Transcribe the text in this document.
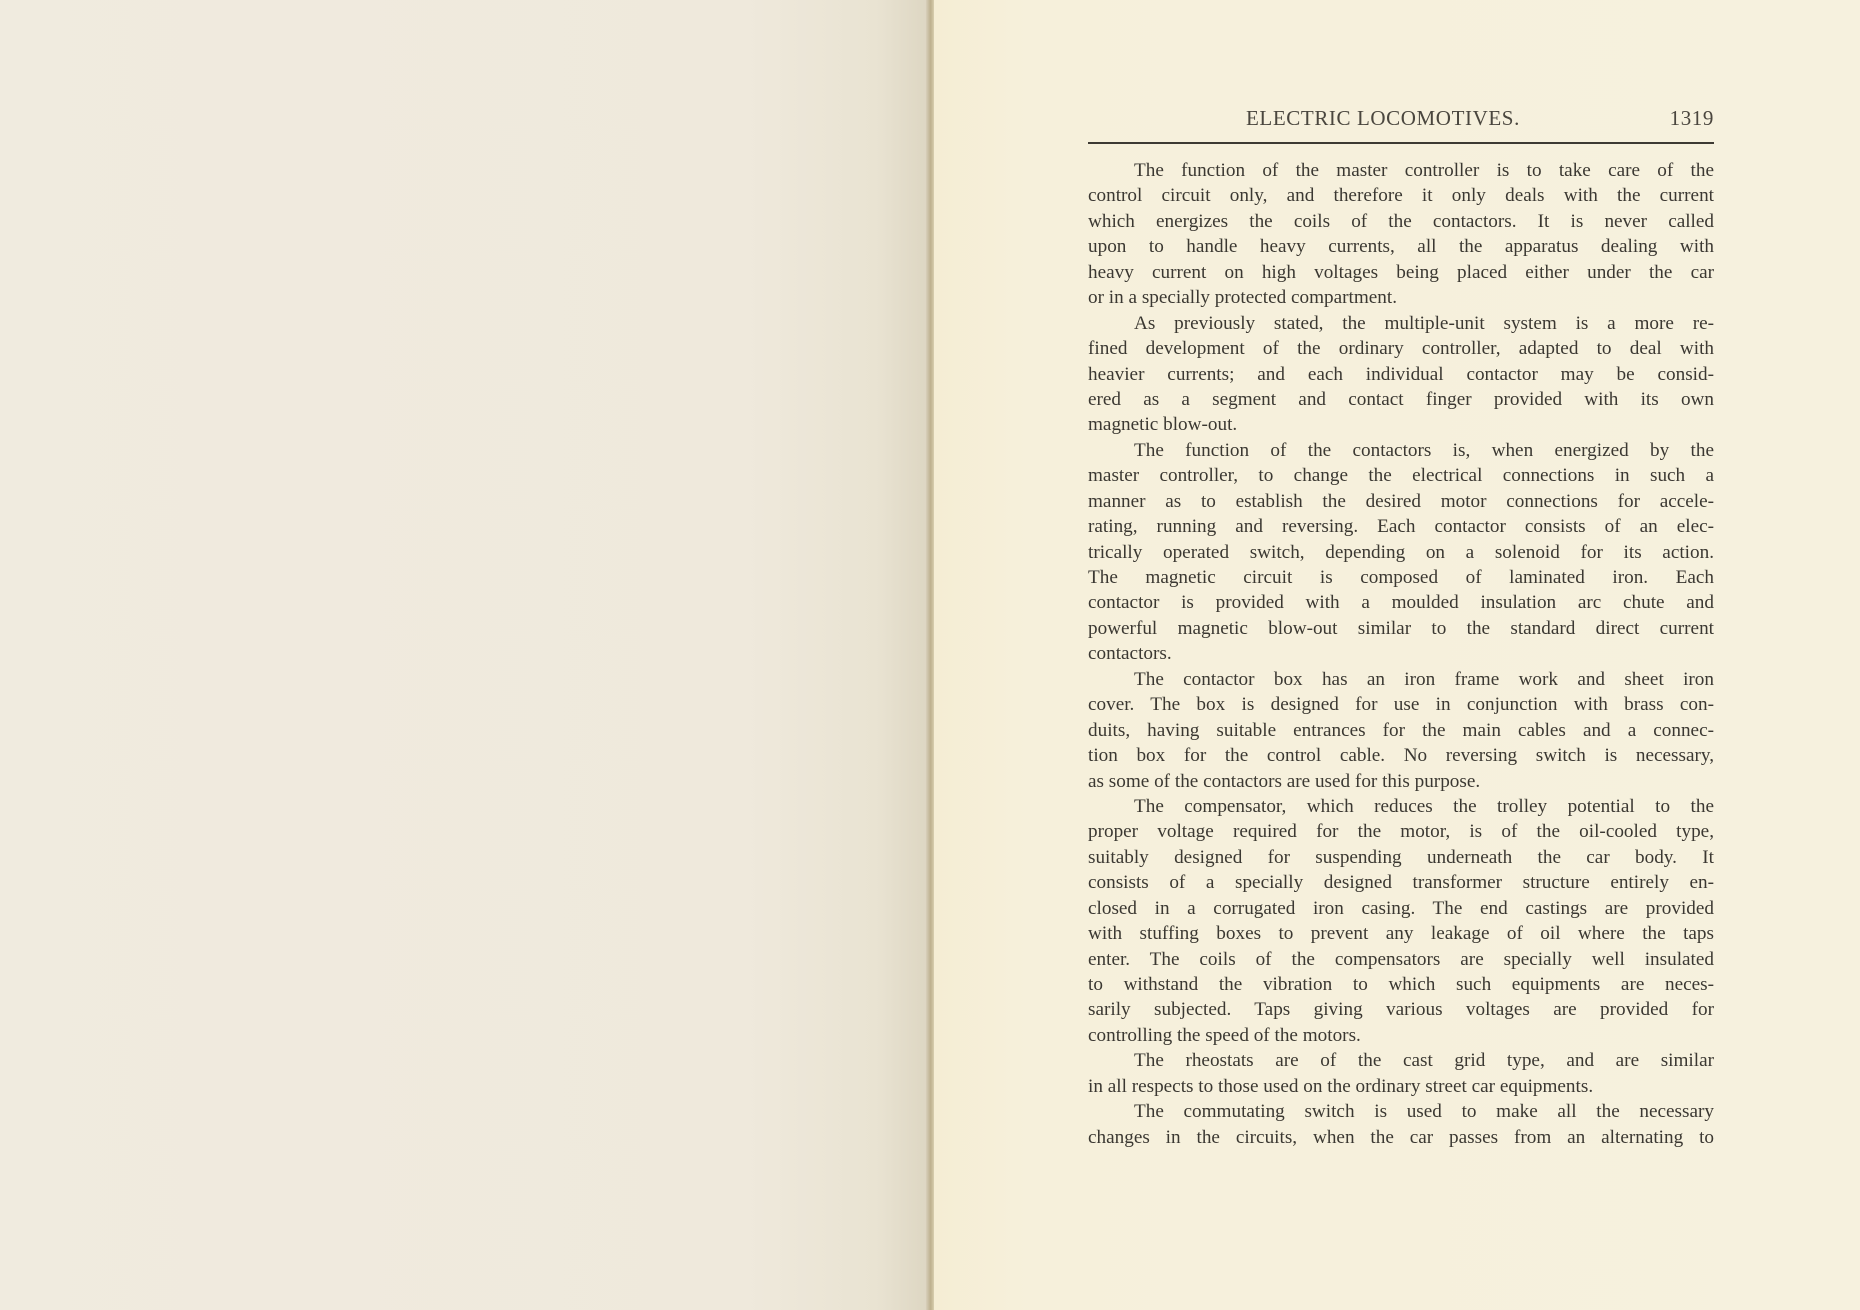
ELECTRIC LOCOMOTIVES.	1319
The function of the master controller is to take care of the
control circuit only, and therefore it only deals with the current
which energizes the coils of the contactors. It is never called
upon to handle heavy currents, all the apparatus dealing with
heavy current on high voltages being placed either under the car
or in a specially protected compartment.
As previously stated, the multiple-unit system is a more re-
fined development of the ordinary controller, adapted to deal with
heavier currents; and each individual contactor may be consid-
ered as a segment and contact finger provided with its own
magnetic blow-out.
The function of the contactors is, when energized by the
master controller, to change the electrical connections in such a
manner as to establish the desired motor connections for accele-
rating, running and reversing. Each contactor consists of an elec-
trically operated switch, depending on a solenoid for its action.
The magnetic circuit is composed of laminated iron. Each
contactor is provided with a moulded insulation arc chute and
powerful magnetic blow-out similar to the standard direct current
contactors.
The contactor box has an iron frame work and sheet iron
cover. The box is designed for use in conjunction with brass con-
duits, having suitable entrances for the main cables and a connec-
tion box for the control cable. No reversing switch is necessary,
as some of the contactors are used for this purpose.
The compensator, which reduces the trolley potential to the
proper voltage required for the motor, is of the oil-cooled type,
suitably designed for suspending underneath the car body. It
consists of a specially designed transformer structure entirely en-
closed in a corrugated iron casing. The end castings are provided
with stuffing boxes to prevent any leakage of oil where the taps
enter. The coils of the compensators are specially well insulated
to withstand the vibration to which such equipments are neces-
sarily subjected. Taps giving various voltages are provided for
controlling the speed of the motors.
The rheostats are of the cast grid type, and are similar
in all respects to those used on the ordinary street car equipments.
The commutating switch is used to make all the necessary
changes in the circuits, when the car passes from an alternating to
